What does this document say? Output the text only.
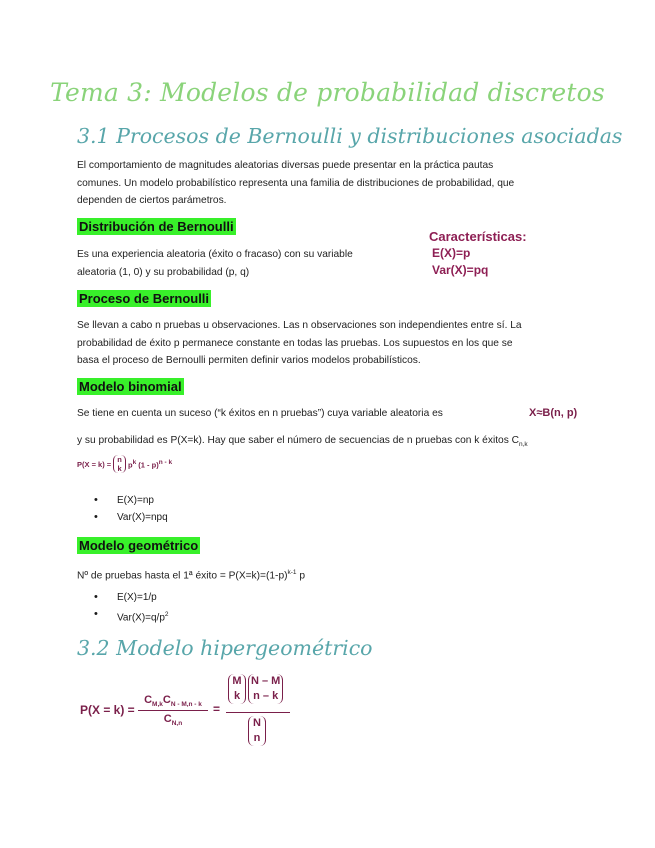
Tema 3: Modelos de probabilidad discretos
3.1 Procesos de Bernoulli y distribuciones asociadas
El comportamiento de magnitudes aleatorias diversas puede presentar en la práctica pautas
comunes. Un modelo probabilístico representa una familia de distribuciones de probabilidad, que
dependen de ciertos parámetros.
Distribución de Bernoulli
Es una experiencia aleatoria (éxito o fracaso) con su variable
aleatoria (1, 0) y su probabilidad (p, q)
Características:
E(X)=p
Var(X)=pq
Proceso de Bernoulli
Se llevan a cabo n pruebas u observaciones. Las n observaciones son independientes entre sí. La
probabilidad de éxito p permanece constante en todas las pruebas. Los supuestos en los que se
basa el proceso de Bernoulli permiten definir varios modelos probabilísticos.
Modelo binomial
Se tiene en cuenta un suceso (“k éxitos en n pruebas”) cuya variable aleatoria es	X≈B(n, p)
y su probabilidad es P(X=k). Hay que saber el número de secuencias de n pruebas con k éxitos $C_{n,k}$
P(X = k) = n
k $p^k$ (1 - p)$^{n - k}$
• E(X)=np
• Var(X)=npq
Modelo geométrico
Nº de pruebas hasta el 1ª éxito = $P(X=k)=(1-p)^{k-1}$ p
• E(X)=1/p
• $Var(X)=q/p^2$
3.2 Modelo hipergeométrico
P(X = k) =
$C_{M,k}C_{N - M,n - k}$
$C_{N,n}$
=
M
k
N – M
n – k
N
n
